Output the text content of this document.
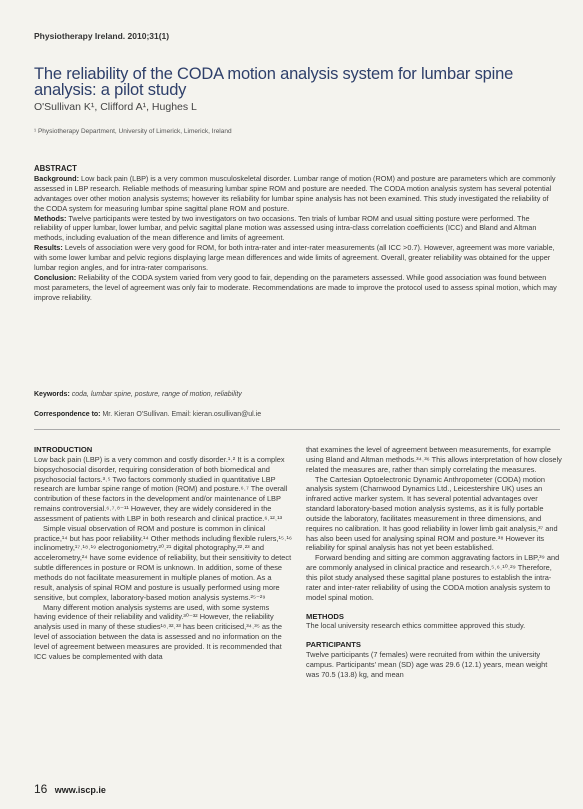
Physiotherapy Ireland. 2010;31(1)
The reliability of the CODA motion analysis system for lumbar spine analysis: a pilot study
O'Sullivan K¹, Clifford A¹, Hughes L
¹ Physiotherapy Department, University of Limerick, Limerick, Ireland

ABSTRACT

Background: Low back pain (LBP) is a very common musculoskeletal disorder. Lumbar range of motion (ROM) and posture are parameters which are commonly assessed in LBP research. Reliable methods of measuring lumbar spine ROM and posture are needed. The CODA motion analysis system has several potential advantages over other motion analysis systems; however its reliability for lumbar spine analysis has not been examined. This study investigated the reliability of the CODA system for measuring lumbar spine sagittal plane ROM and posture.

Methods: Twelve participants were tested by two investigators on two occasions. Ten trials of lumbar ROM and usual sitting posture were performed. The reliability of upper lumbar, lower lumbar, and pelvic sagittal plane motion was assessed using intra-class correlation coefficients (ICC) and Bland and Altman methods, including evaluation of the mean difference and limits of agreement.

Results: Levels of association were very good for ROM, for both intra-rater and inter-rater measurements (all ICC >0.7). However, agreement was more variable, with some lower lumbar and pelvic regions displaying large mean differences and wide limits of agreement. Overall, greater reliability was obtained for the upper lumbar region angles, and for intra-rater comparisons.

Conclusion: Reliability of the CODA system varied from very good to fair, depending on the parameters assessed. While good association was found between most parameters, the level of agreement was only fair to moderate. Recommendations are made to improve the protocol used to assess spinal motion, which may improve reliability.

Keywords: coda, lumbar spine, posture, range of motion, reliability
Correspondence to: Mr. Kieran O'Sullivan. Email: kieran.osullivan@ul.ie

INTRODUCTION

Low back pain (LBP) is a very common and costly disorder.¹˒² It is a complex biopsychosocial disorder, requiring consideration of both biomedical and psychosocial factors.³˒⁵ Two factors commonly studied in quantitative LBP research are lumbar spine range of motion (ROM) and posture.⁶˒⁷ The overall contribution of these factors in the development and/or maintenance of LBP remains controversial.⁶˒⁷˒⁸⁻¹¹ However, they are widely considered in the assessment of patients with LBP in both research and clinical practice.⁶˒¹²˒¹³

Simple visual observation of ROM and posture is common in clinical practice,¹⁴ but has poor reliability.¹⁴ Other methods including flexible rulers,¹⁵˒¹⁶ inclinometry,¹⁷˒¹⁸˒¹⁹ electrogoniometry,²⁰˒²¹ digital photography,²²˒²³ and accelerometry,²⁴ have some evidence of reliability, but their sensitivity to detect subtle differences in posture or ROM is unknown. In addition, some of these methods do not facilitate measurement in multiple planes of motion. As a result, analysis of spinal ROM and posture is usually performed using more sensitive, but complex, laboratory-based motion analysis systems.²⁵⁻²⁹

Many different motion analysis systems are used, with some systems having evidence of their reliability and validity.³⁰⁻³² However, the reliability analysis used in many of these studies¹⁸˒³²˒³³ has been criticised,³⁴˒³⁵ as the level of association between the data is assessed and no information on the level of agreement between measures are provided. It is recommended that ICC values be complemented with data

that examines the level of agreement between measurements, for example using Bland and Altman methods.³⁴˒³⁶ This allows interpretation of how closely related the measures are, rather than simply correlating the measures.

The Cartesian Optoelectronic Dynamic Anthropometer (CODA) motion analysis system (Charnwood Dynamics Ltd., Leicestershire UK) uses an infrared active marker system. It has several potential advantages over standard laboratory-based motion analysis systems, as it is fully portable outside the laboratory, facilitates measurement in three dimensions, and requires no calibration. It has good reliability in lower limb gait analysis,³⁷ and has also been used for analysing spinal ROM and posture.³⁸ However its reliability for spinal analysis has not yet been established.

Forward bending and sitting are common aggravating factors in LBP,³⁹ and are commonly analysed in clinical practice and research.⁵˒⁶˒¹⁰˒²⁹ Therefore, this pilot study analysed these sagittal plane postures to establish the intra-rater and inter-rater reliability of using the CODA motion analysis system to model spinal motion.

METHODS

The local university research ethics committee approved this study.

PARTICIPANTS

Twelve participants (7 females) were recruited from within the university campus. Participants' mean (SD) age was 29.6 (12.1) years, mean weight was 70.5 (13.8) kg, and mean

16 www.iscp.ie
